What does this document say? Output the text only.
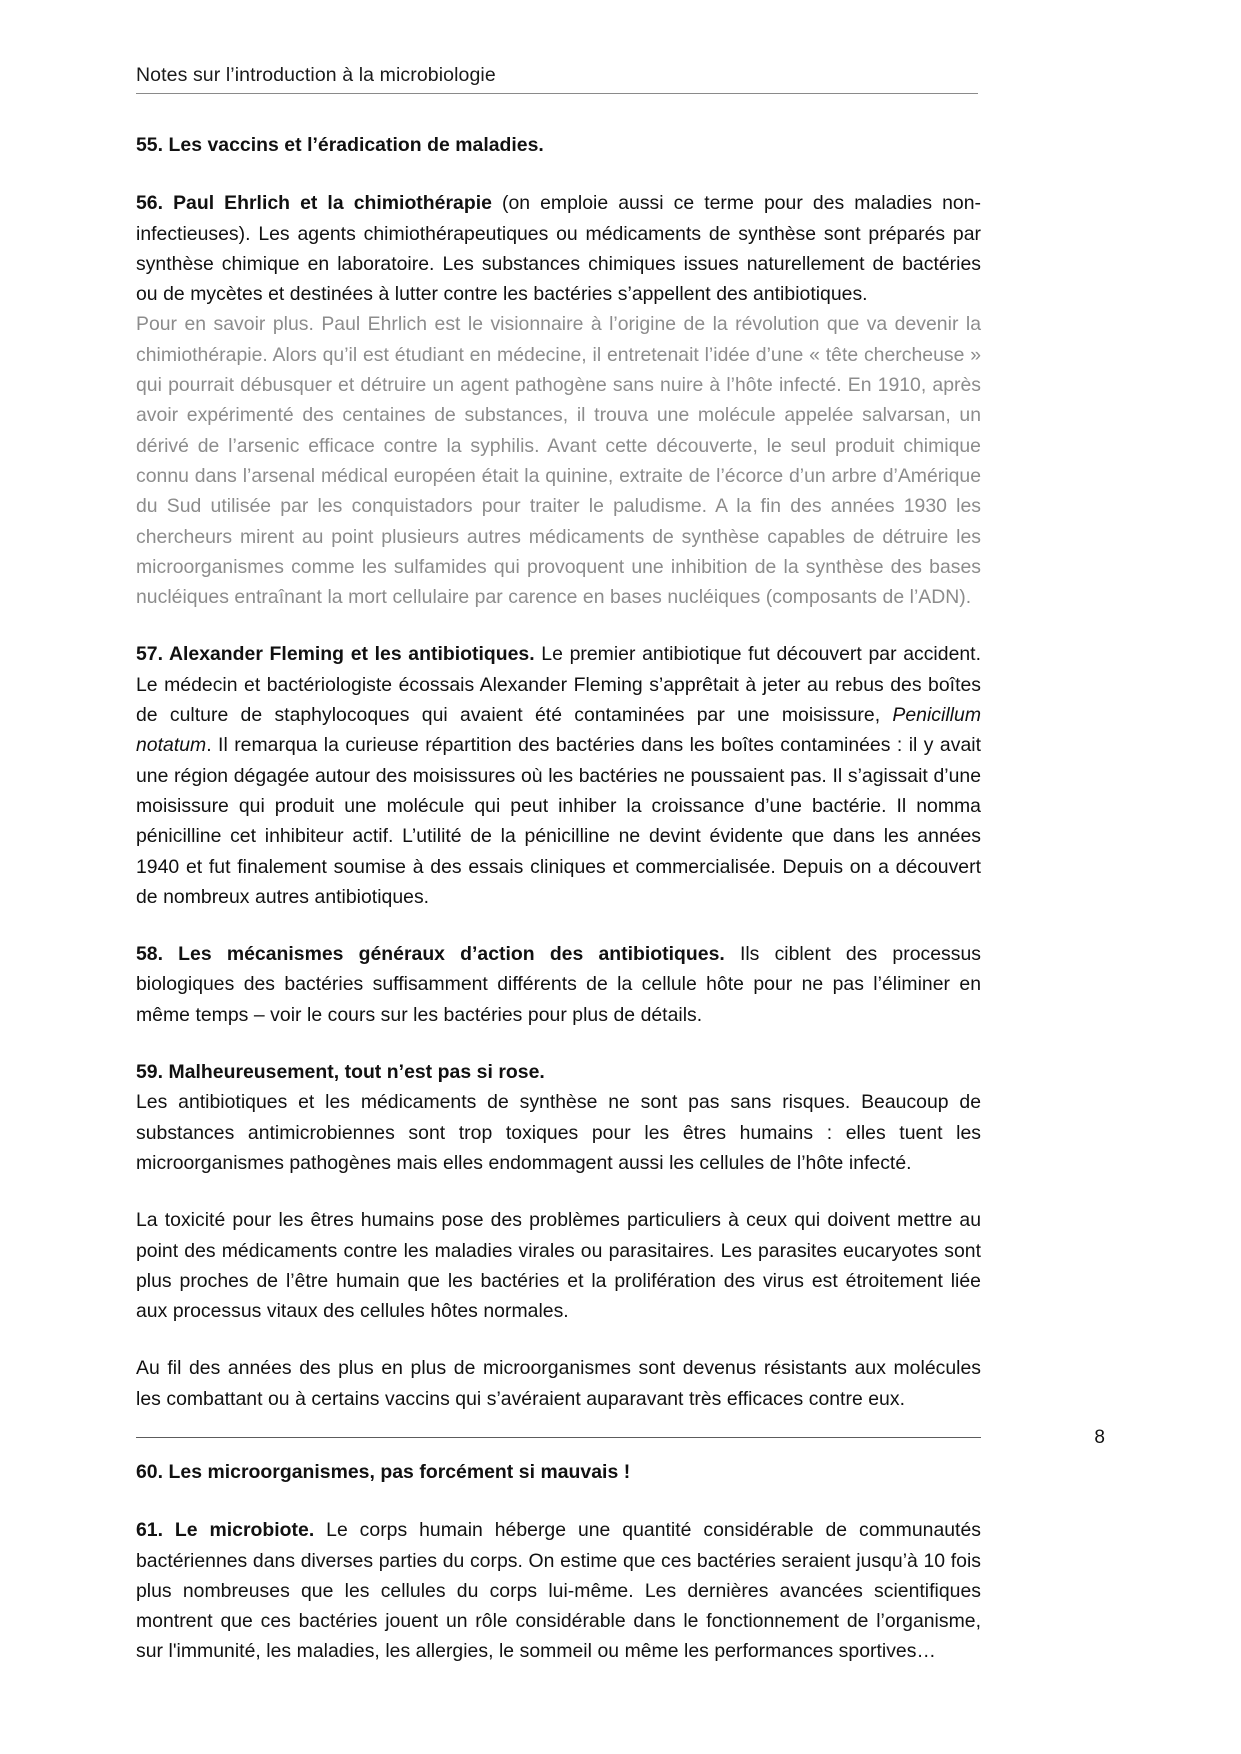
Notes sur l’introduction à la microbiologie

55. Les vaccins et l’éradication de maladies.

56. Paul Ehrlich et la chimiothérapie (on emploie aussi ce terme pour des maladies non-infectieuses). Les agents chimiothérapeutiques ou médicaments de synthèse sont préparés par synthèse chimique en laboratoire. Les substances chimiques issues naturellement de bactéries ou de mycètes et destinées à lutter contre les bactéries s’appellent des antibiotiques.

Pour en savoir plus. Paul Ehrlich est le visionnaire à l’origine de la révolution que va devenir la chimiothérapie. Alors qu’il est étudiant en médecine, il entretenait l’idée d’une « tête chercheuse » qui pourrait débusquer et détruire un agent pathogène sans nuire à l’hôte infecté. En 1910, après avoir expérimenté des centaines de substances, il trouva une molécule appelée salvarsan, un dérivé de l’arsenic efficace contre la syphilis. Avant cette découverte, le seul produit chimique connu dans l’arsenal médical européen était la quinine, extraite de l’écorce d’un arbre d’Amérique du Sud utilisée par les conquistadors pour traiter le paludisme. A la fin des années 1930 les chercheurs mirent au point plusieurs autres médicaments de synthèse capables de détruire les microorganismes comme les sulfamides qui provoquent une inhibition de la synthèse des bases nucléiques entraînant la mort cellulaire par carence en bases nucléiques (composants de l’ADN).

57. Alexander Fleming et les antibiotiques. Le premier antibiotique fut découvert par accident. Le médecin et bactériologiste écossais Alexander Fleming s’apprêtait à jeter au rebus des boîtes de culture de staphylocoques qui avaient été contaminées par une moisissure, Penicillum notatum. Il remarqua la curieuse répartition des bactéries dans les boîtes contaminées : il y avait une région dégagée autour des moisissures où les bactéries ne poussaient pas. Il s’agissait d’une moisissure qui produit une molécule qui peut inhiber la croissance d’une bactérie. Il nomma pénicilline cet inhibiteur actif. L’utilité de la pénicilline ne devint évidente que dans les années 1940 et fut finalement soumise à des essais cliniques et commercialisée. Depuis on a découvert de nombreux autres antibiotiques.

58. Les mécanismes généraux d’action des antibiotiques. Ils ciblent des processus biologiques des bactéries suffisamment différents de la cellule hôte pour ne pas l’éliminer en même temps – voir le cours sur les bactéries pour plus de détails.

59. Malheureusement, tout n’est pas si rose.

Les antibiotiques et les médicaments de synthèse ne sont pas sans risques. Beaucoup de substances antimicrobiennes sont trop toxiques pour les êtres humains : elles tuent les microorganismes pathogènes mais elles endommagent aussi les cellules de l’hôte infecté.

La toxicité pour les êtres humains pose des problèmes particuliers à ceux qui doivent mettre au point des médicaments contre les maladies virales ou parasitaires. Les parasites eucaryotes sont plus proches de l’être humain que les bactéries et la prolifération des virus est étroitement liée aux processus vitaux des cellules hôtes normales.

Au fil des années des plus en plus de microorganismes sont devenus résistants aux molécules les combattant ou à certains vaccins qui s’avéraient auparavant très efficaces contre eux.

60. Les microorganismes, pas forcément si mauvais !

61. Le microbiote. Le corps humain héberge une quantité considérable de communautés bactériennes dans diverses parties du corps. On estime que ces bactéries seraient jusqu’à 10 fois plus nombreuses que les cellules du corps lui-même. Les dernières avancées scientifiques montrent que ces bactéries jouent un rôle considérable dans le fonctionnement de l’organisme, sur l'immunité, les maladies, les allergies, le sommeil ou même les performances sportives…

8
